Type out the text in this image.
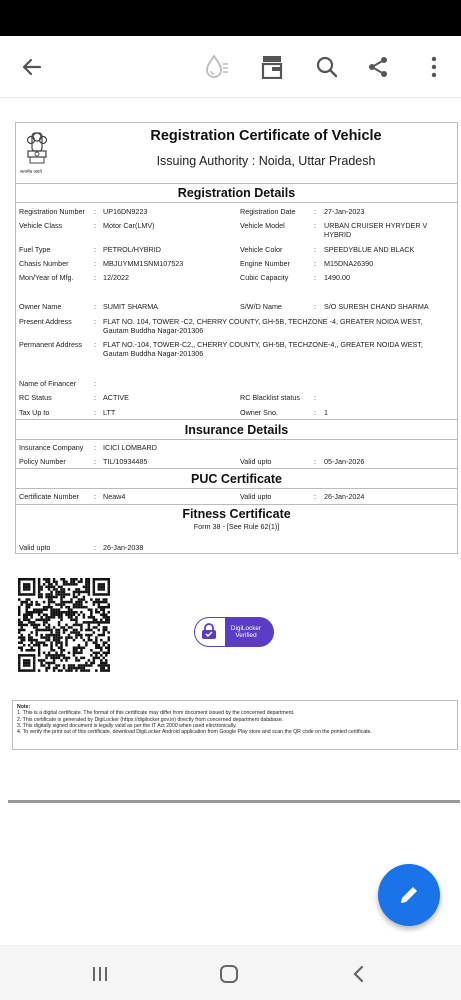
सत्यमेव जयते
Registration Certificate of Vehicle
Issuing Authority : Noida, Uttar Pradesh
Registration Details
Registration Number : UP16DN9223	Registration Date	: 27-Jan-2023
Vehicle Class	: Motor Car(LMV)	Vehicle Model	: URBAN CRUISER HYRYDER V
HYBRID
Fuel Type	: PETROL/HYBRID	Vehicle Color	: SPEEDYBLUE AND BLACK
Chasis Number	: MBJUYMM1SNM107523	Engine Number	: M15DNA26390
Mon/Year of Mfg.	: 12/2022	Cubic Capacity	: 1490.00
Owner Name	: SUMIT SHARMA	S/W/D Name	: S/O SURESH CHAND SHARMA
Present Address	: FLAT NO. 104, TOWER -C2, CHERRY COUNTY, GH-5B, TECHZONE -4, GREATER NOIDA WEST,
Gautam Buddha Nagar-201306
Permanent Address : FLAT NO.-104, TOWER-C2,, CHERRY COUNTY, GH-5B, TECHZONE-4,, GREATER NOIDA WEST,
Gautam Buddha Nagar-201306
Name of Financer :
RC Status	: ACTIVE	RC Blacklist status :
Tax Up to	: LTT	Owner Sno.	: 1
Insurance Details
Insurance Company : ICICI LOMBARD
Policy Number	: TIL/10934485	Valid upto	: 05-Jan-2026
PUC Certificate
Certificate Number : Neaw4	Valid upto	: 26-Jan-2024
Fitness Certificate
Form 38 - [See Rule 62(1)]
Valid upto	: 26-Jan-2038
DigiLocker
Verified
Note:
1. This is a digital certificate. The format of this certificate may differ from document issued by the concerned department.
2. This certificate is generated by DigiLocker (https://digilocker.gov.in) directly from concerned department database.
3. This digitally signed document is legally valid as per the IT Act 2000 when used electronically.
4. To verify the print out of this certificate, download DigiLocker Android application from Google Play store and scan the QR code on the printed certificate.
